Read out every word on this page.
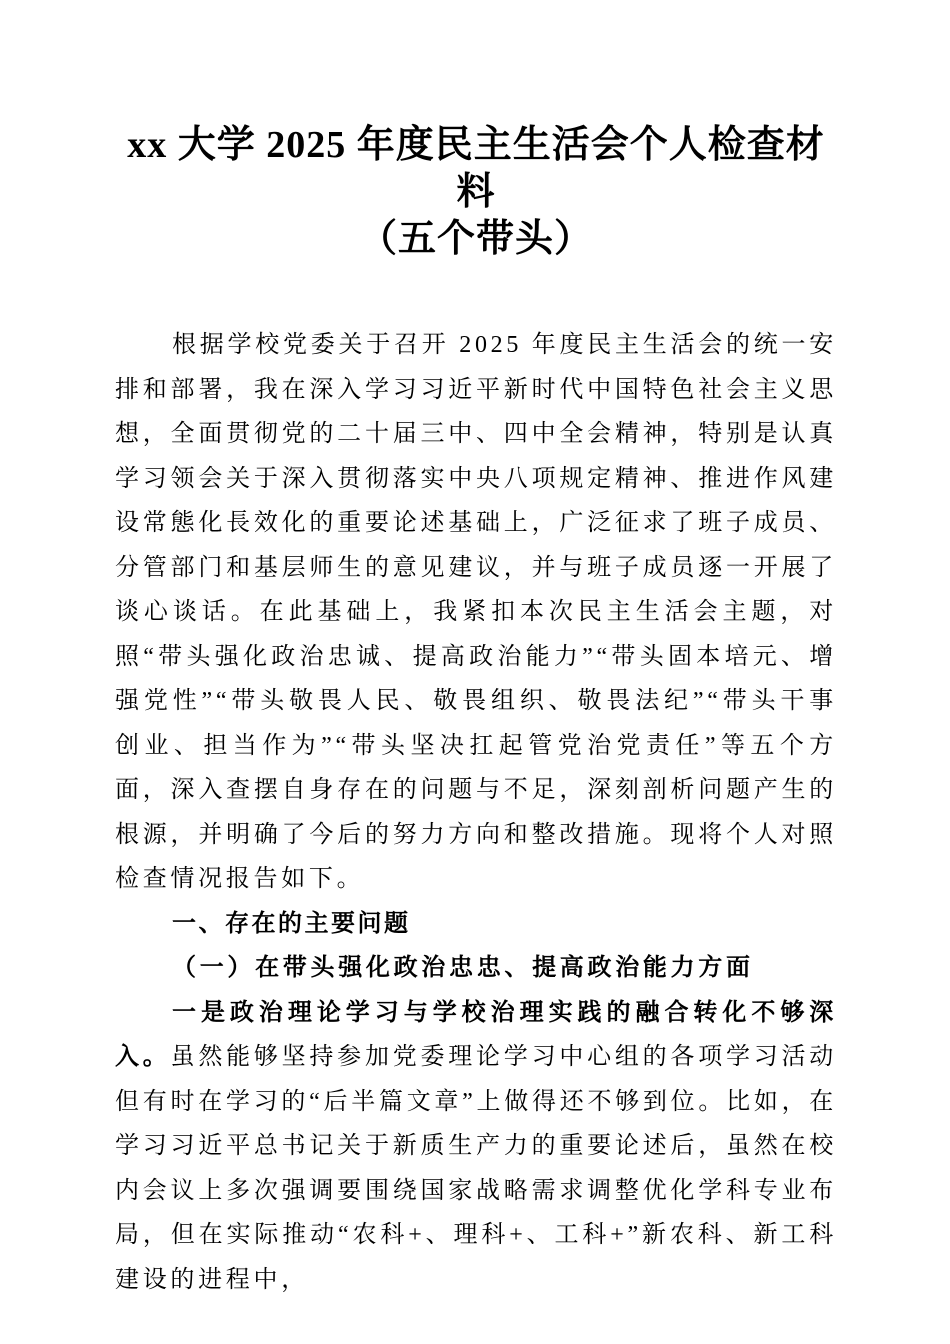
xx 大学 2025 年度民主生活会个人检查材料
（五个带头）

根据学校党委关于召开 2025 年度民主生活会的统一安排和部署，我在深入学习习近平新时代中国特色社会主义思想，全面贯彻党的二十届三中、四中全会精神，特别是认真学习领会关于深入贯彻落实中央八项规定精神、推进作风建设常態化長效化的重要论述基础上，广泛征求了班子成员、分管部门和基层师生的意见建议，并与班子成员逐一开展了谈心谈话。在此基础上，我紧扣本次民主生活会主题，对照“带头强化政治忠诚、提高政治能力”“带头固本培元、增强党性”“带头敬畏人民、敬畏组织、敬畏法纪”“带头干事创业、担当作为”“带头坚决扛起管党治党责任”等五个方面，深入查摆自身存在的问题与不足，深刻剖析问题产生的根源，并明确了今后的努力方向和整改措施。现将个人对照检查情况报告如下。

一、存在的主要问题

（一）在带头强化政治忠忠、提高政治能力方面

一是政治理论学习与学校治理实践的融合转化不够深入。虽然能够坚持参加党委理论学习中心组的各项学习活动但有时在学习的“后半篇文章”上做得还不够到位。比如，在学习习近平总书记关于新质生产力的重要论述后，虽然在校内会议上多次强调要围绕国家战略需求调整优化学科专业布局，但在实际推动“农科+、理科+、工科+”新农科、新工科建设的进程中，
